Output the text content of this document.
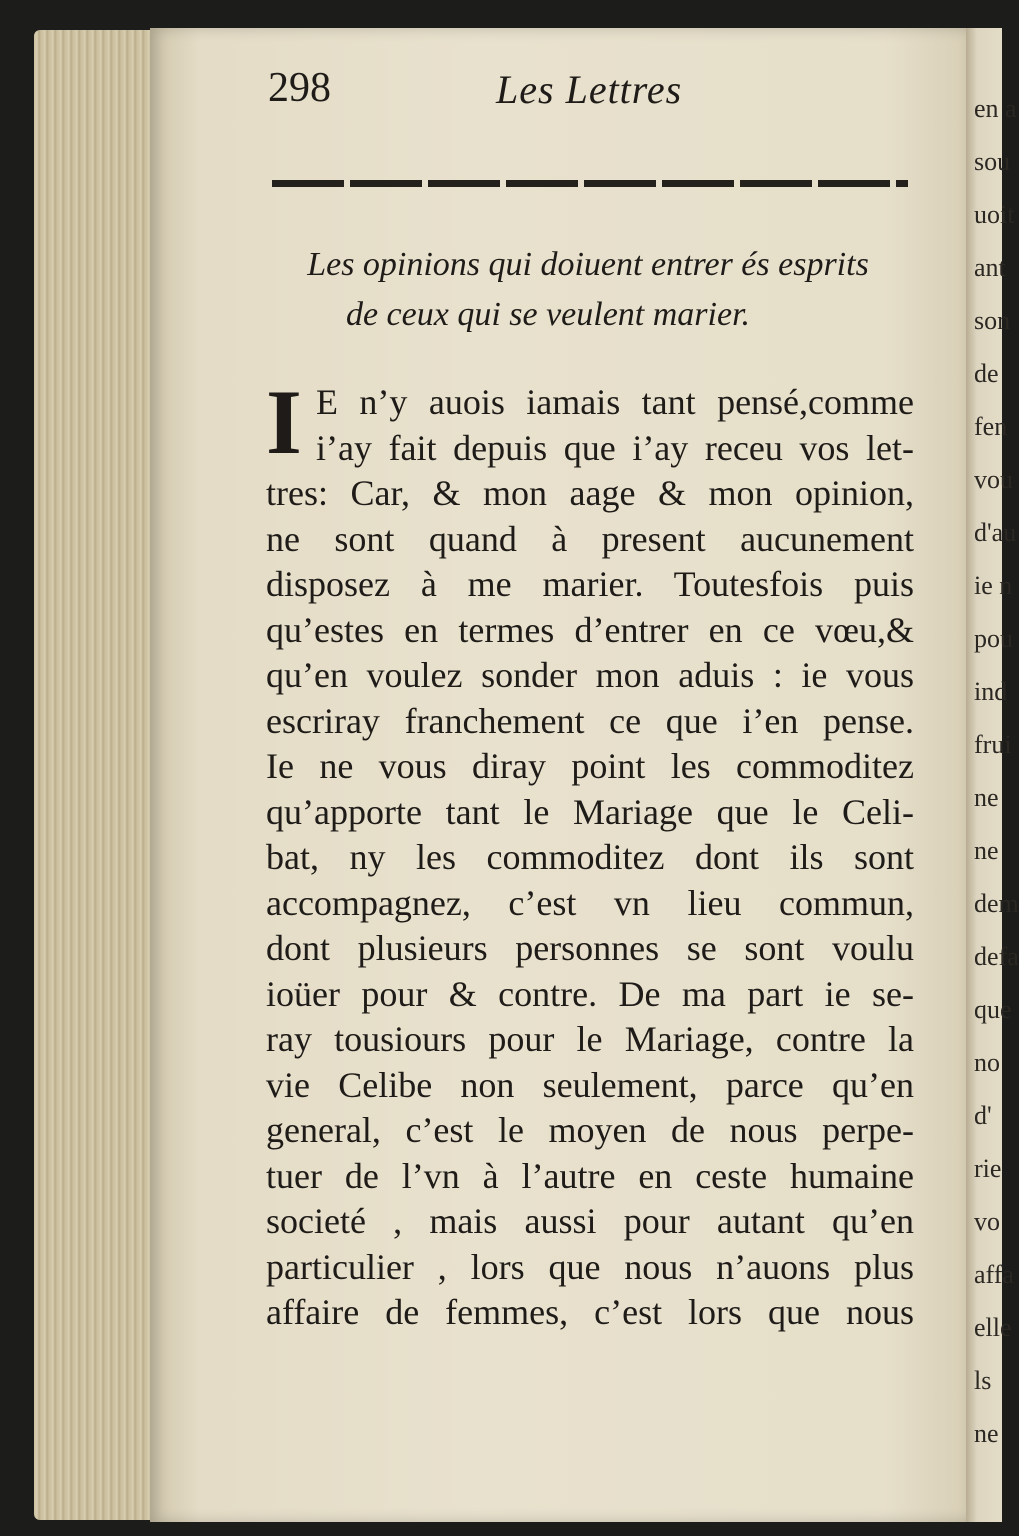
en a
sou
uoit
ant
son
de
fen
vou
d'au
ie n
pou
ind
frui
ne
ne
dem
defa
que
no
d'
rie
vo
affa
elle
ls
ne

298	Les Lettres

Les opinions qui doiuent entrer és esprits
de ceux qui se veulent marier.
I E n’y auois iamais tant pensé,comme
i’ay fait depuis que i’ay receu vos let-
tres: Car, & mon aage & mon opinion,
ne sont quand à present aucunement
disposez à me marier. Toutesfois puis
qu’estes en termes d’entrer en ce vœu,&
qu’en voulez sonder mon aduis : ie vous
escriray franchement ce que i’en pense.
Ie ne vous diray point les commoditez
qu’apporte tant le Mariage que le Celi-
bat, ny les commoditez dont ils sont
accompagnez, c’est vn lieu commun,
dont plusieurs personnes se sont voulu
ioüer pour & contre. De ma part ie se-
ray tousiours pour le Mariage, contre la
vie Celibe non seulement, parce qu’en
general, c’est le moyen de nous perpe-
tuer de l’vn à l’autre en ceste humaine
societé , mais aussi pour autant qu’en
particulier , lors que nous n’auons plus
affaire de femmes, c’est lors que nous
